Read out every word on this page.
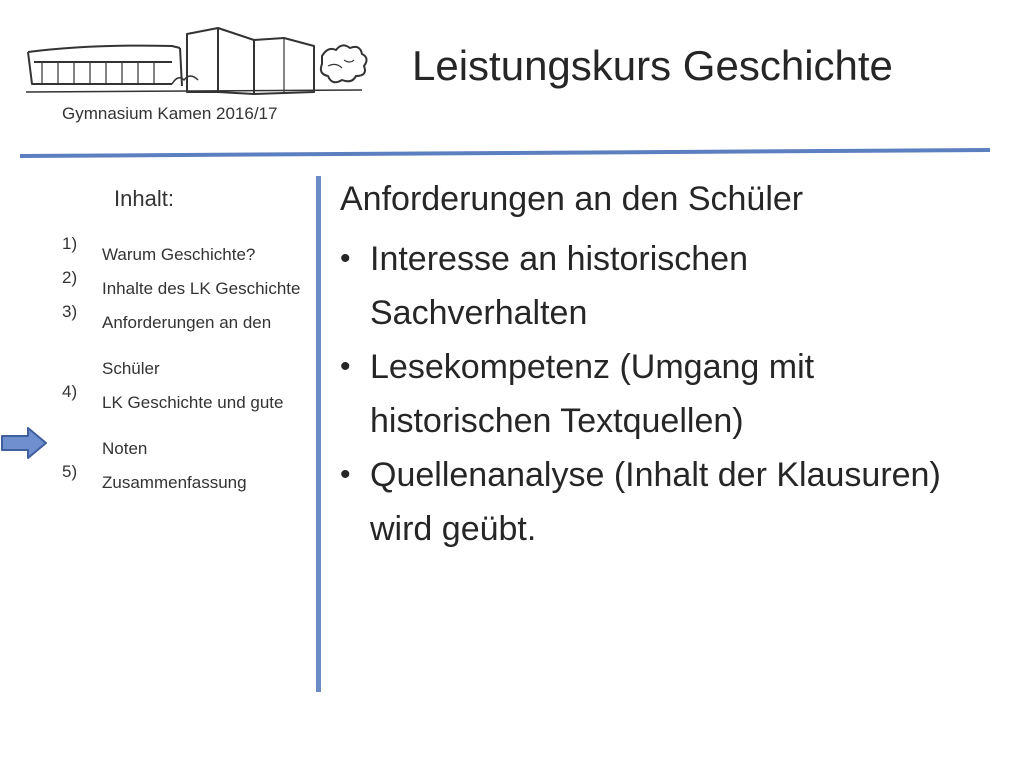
Gymnasium Kamen 2016/17
Leistungskurs Geschichte
Inhalt:
1)
Warum Geschichte?
2)
Inhalte des LK Geschichte
3)
Anforderungen an den Schüler
4)
LK Geschichte und gute Noten
5)
Zusammenfassung
Anforderungen an den Schüler
• Interesse an historischen Sachverhalten
• Lesekompetenz (Umgang mit historischen Textquellen)
• Quellenanalyse (Inhalt der Klausuren) wird geübt.
